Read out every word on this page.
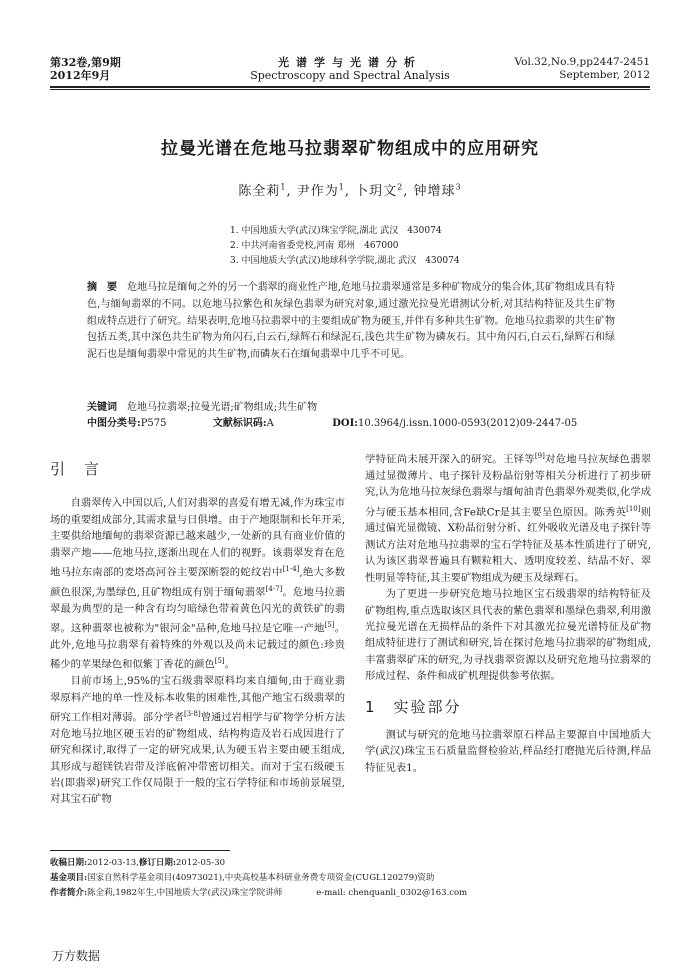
第32卷,第9期
2012年9月
光谱学与光谱分析
Spectroscopy and Spectral Analysis
Vol.32,No.9,pp2447-2451
September, 2012
拉曼光谱在危地马拉翡翠矿物组成中的应用研究
陈全莉$^1$, 尹作为$^1$, 卜玥文$^2$, 钟增球$^3$
1. 中国地质大学(武汉)珠宝学院,湖北 武汉　430074
2. 中共河南省委党校,河南 郑州　467000
3. 中国地质大学(武汉)地球科学学院,湖北 武汉　430074
摘　要　 危地马拉是缅甸之外的另一个翡翠的商业性产地,危地马拉翡翠通常是多种矿物成分的集合体,其矿物组成具有特色,与缅甸翡翠的不同。以危地马拉紫色和灰绿色翡翠为研究对象,通过激光拉曼光谱测试分析,对其结构特征及共生矿物组成特点进行了研究。结果表明,危地马拉翡翠中的主要组成矿物为硬玉,并伴有多种共生矿物。危地马拉翡翠的共生矿物包括五类,其中深色共生矿物为角闪石,白云石,绿辉石和绿泥石,浅色共生矿物为磷灰石。其中角闪石,白云石,绿辉石和绿泥石也是缅甸翡翠中常见的共生矿物,而磷灰石在缅甸翡翠中几乎不可见。
关键词　 危地马拉翡翠;拉曼光谱;矿物组成;共生矿物
中图分类号:P575	文献标识码:A	DOI:10.3964/j.issn.1000-0593(2012)09-2447-05
引　言

自翡翠传入中国以后,人们对翡翠的喜爱有增无减,作为珠宝市场的重要组成部分,其需求量与日俱增。由于产地限制和长年开采,主要供给地缅甸的翡翠资源已越来越少,一处新的具有商业价值的翡翠产地——危地马拉,逐渐出现在人们的视野。该翡翠发育在危地马拉东南部的麦塔高河谷主要深断裂的蛇纹岩中[1-4],绝大多数颜色很深,为墨绿色,且矿物组成有别于缅甸翡翠[4-7]。危地马拉翡翠最为典型的是一种含有均匀暗绿色带着黄色闪光的黄铁矿的翡翠。这种翡翠也被称为"银河金"品种,危地马拉是它唯一产地[5]。此外,危地马拉翡翠有着特殊的外观以及尚未记载过的颜色:珍贵稀少的苹果绿色和似紫丁香花的颜色[5]。

目前市场上,95%的宝石级翡翠原料均来自缅甸,由于商业翡翠原料产地的单一性及标本收集的困难性,其他产地宝石级翡翠的研究工作相对薄弱。部分学者[3-8]曾通过岩相学与矿物学分析方法对危地马拉地区硬玉岩的矿物组成、结构构造及岩石成因进行了研究和探讨,取得了一定的研究成果,认为硬玉岩主要由硬玉组成,其形成与超镁铁岩带及洋底俯冲带密切相关。而对于宝石级硬玉岩(即翡翠)研究工作仅局限于一般的宝石学特征和市场前景展望,对其宝石矿物

学特征尚未展开深入的研究。王铎等[9]对危地马拉灰绿色翡翠通过显微薄片、电子探针及粉晶衍射等相关分析进行了初步研究,认为危地马拉灰绿色翡翠与缅甸油青色翡翠外观类似,化学成分与硬玉基本相同,含Fe缺Cr是其主要呈色原因。陈秀英[10]则通过偏光显微镜、X粉晶衍射分析、红外吸收光谱及电子探针等测试方法对危地马拉翡翠的宝石学特征及基本性质进行了研究,认为该区翡翠普遍具有颗粒粗大、透明度较差、结晶不好、翠性明显等特征,其主要矿物组成为硬玉及绿辉石。

为了更进一步研究危地马拉地区宝石级翡翠的结构特征及矿物组构,重点选取该区具代表的紫色翡翠和墨绿色翡翠,利用激光拉曼光谱在无损样品的条件下对其激光拉曼光谱特征及矿物组成特征进行了测试和研究,旨在探讨危地马拉翡翠的矿物组成,丰富翡翠矿床的研究,为寻找翡翠资源以及研究危地马拉翡翠的形成过程、条件和成矿机理提供参考依据。

1　实验部分

测试与研究的危地马拉翡翠原石样品主要源自中国地质大学(武汉)珠宝玉石质量监督检验站,样品经打磨抛光后待测,样品特征见表1。

收稿日期:2012-03-13,修订日期:2012-05-30
基金项目:国家自然科学基金项目(40973021),中央高校基本科研业务费专项资金(CUGL120279)资助
作者简介:陈全莉,1982年生,中国地质大学(武汉)珠宝学院讲师　　　　e-mail: chenquanli_0302@163.com
万方数据
